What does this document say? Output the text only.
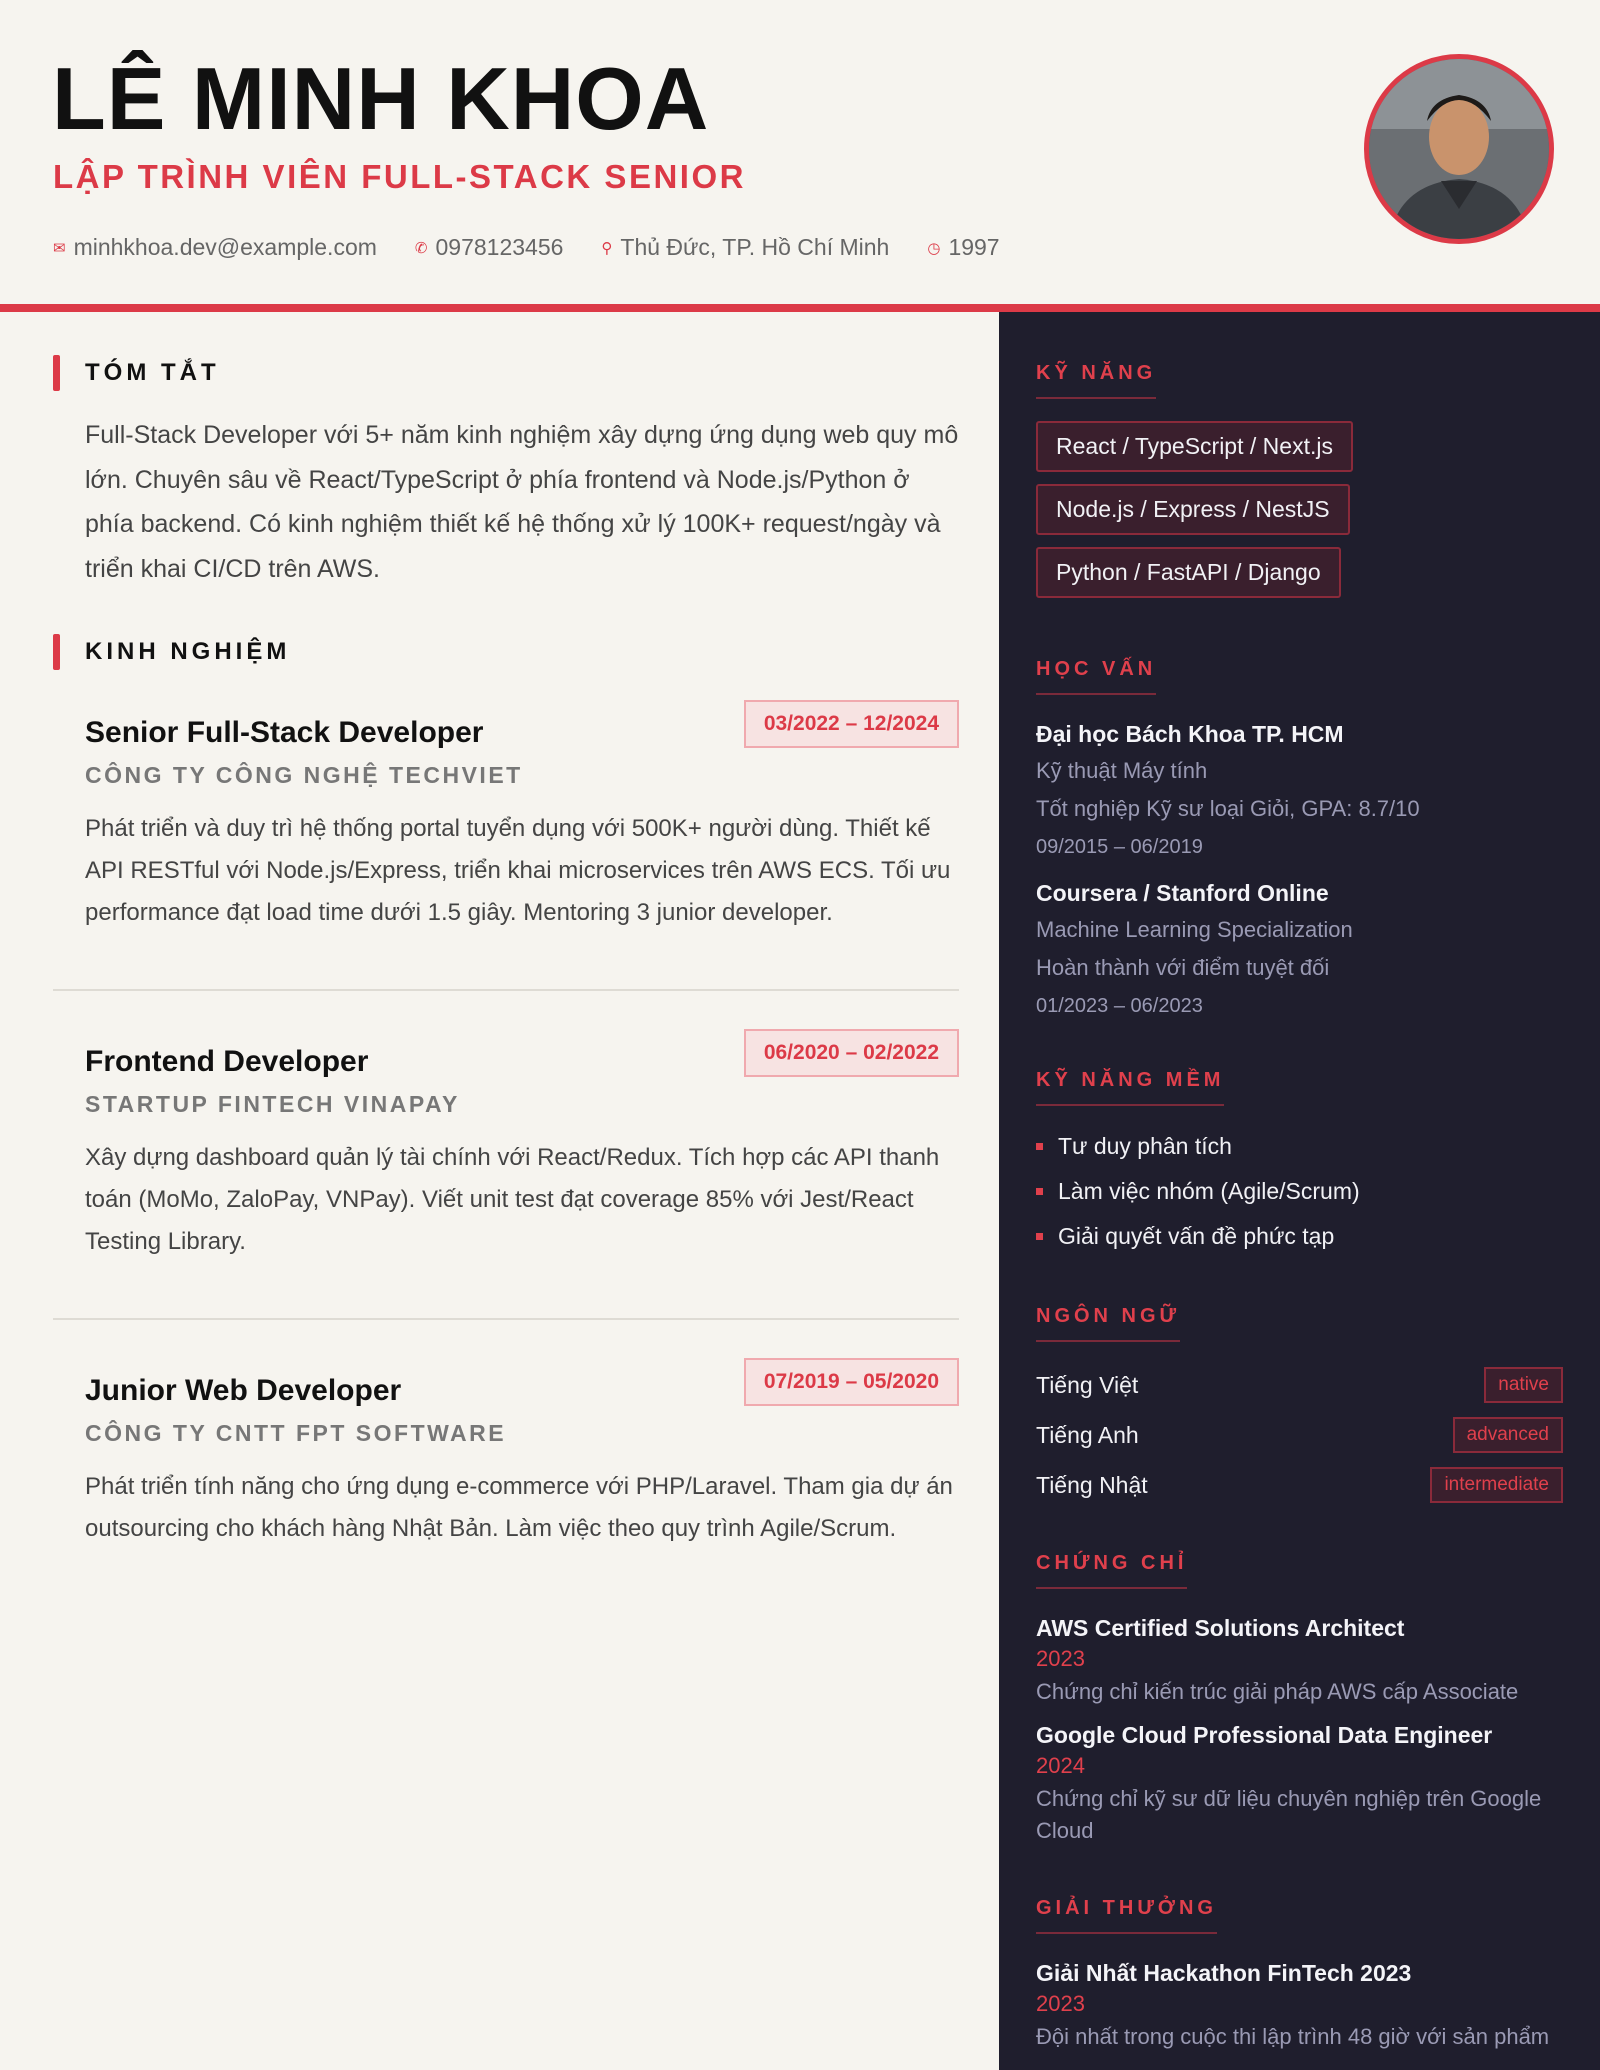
LÊ MINH KHOA
LẬP TRÌNH VIÊN FULL-STACK SENIOR
✉ minhkhoa.dev@example.com	✆ 0978123456	⚲ Thủ Đức, TP. Hồ Chí Minh	◷ 1997
TÓM TẮT
Full-Stack Developer với 5+ năm kinh nghiệm xây dựng ứng dụng web quy mô lớn. Chuyên sâu về React/TypeScript ở phía frontend và Node.js/Python ở phía backend. Có kinh nghiệm thiết kế hệ thống xử lý 100K+ request/ngày và triển khai CI/CD trên AWS.
KINH NGHIỆM
Senior Full-Stack Developer	03/2022 – 12/2024
CÔNG TY CÔNG NGHỆ TECHVIET
Phát triển và duy trì hệ thống portal tuyển dụng với 500K+ người dùng. Thiết kế API RESTful với Node.js/Express, triển khai microservices trên AWS ECS. Tối ưu performance đạt load time dưới 1.5 giây. Mentoring 3 junior developer.
Frontend Developer	06/2020 – 02/2022
STARTUP FINTECH VINAPAY
Xây dựng dashboard quản lý tài chính với React/Redux. Tích hợp các API thanh toán (MoMo, ZaloPay, VNPay). Viết unit test đạt coverage 85% với Jest/React Testing Library.
Junior Web Developer	07/2019 – 05/2020
CÔNG TY CNTT FPT SOFTWARE
Phát triển tính năng cho ứng dụng e-commerce với PHP/Laravel. Tham gia dự án outsourcing cho khách hàng Nhật Bản. Làm việc theo quy trình Agile/Scrum.
KỸ NĂNG
React / TypeScript / Next.js
Node.js / Express / NestJS
Python / FastAPI / Django
HỌC VẤN
Đại học Bách Khoa TP. HCM
Kỹ thuật Máy tính
Tốt nghiệp Kỹ sư loại Giỏi, GPA: 8.7/10
09/2015 – 06/2019
Coursera / Stanford Online
Machine Learning Specialization
Hoàn thành với điểm tuyệt đối
01/2023 – 06/2023
KỸ NĂNG MỀM
Tư duy phân tích
Làm việc nhóm (Agile/Scrum)
Giải quyết vấn đề phức tạp
NGÔN NGỮ
Tiếng Việt	native
Tiếng Anh	advanced
Tiếng Nhật	intermediate
CHỨNG CHỈ
AWS Certified Solutions Architect
2023
Chứng chỉ kiến trúc giải pháp AWS cấp Associate
Google Cloud Professional Data Engineer
2024
Chứng chỉ kỹ sư dữ liệu chuyên nghiệp trên Google Cloud
GIẢI THƯỞNG
Giải Nhất Hackathon FinTech 2023
2023
Đội nhất trong cuộc thi lập trình 48 giờ với sản phẩm
